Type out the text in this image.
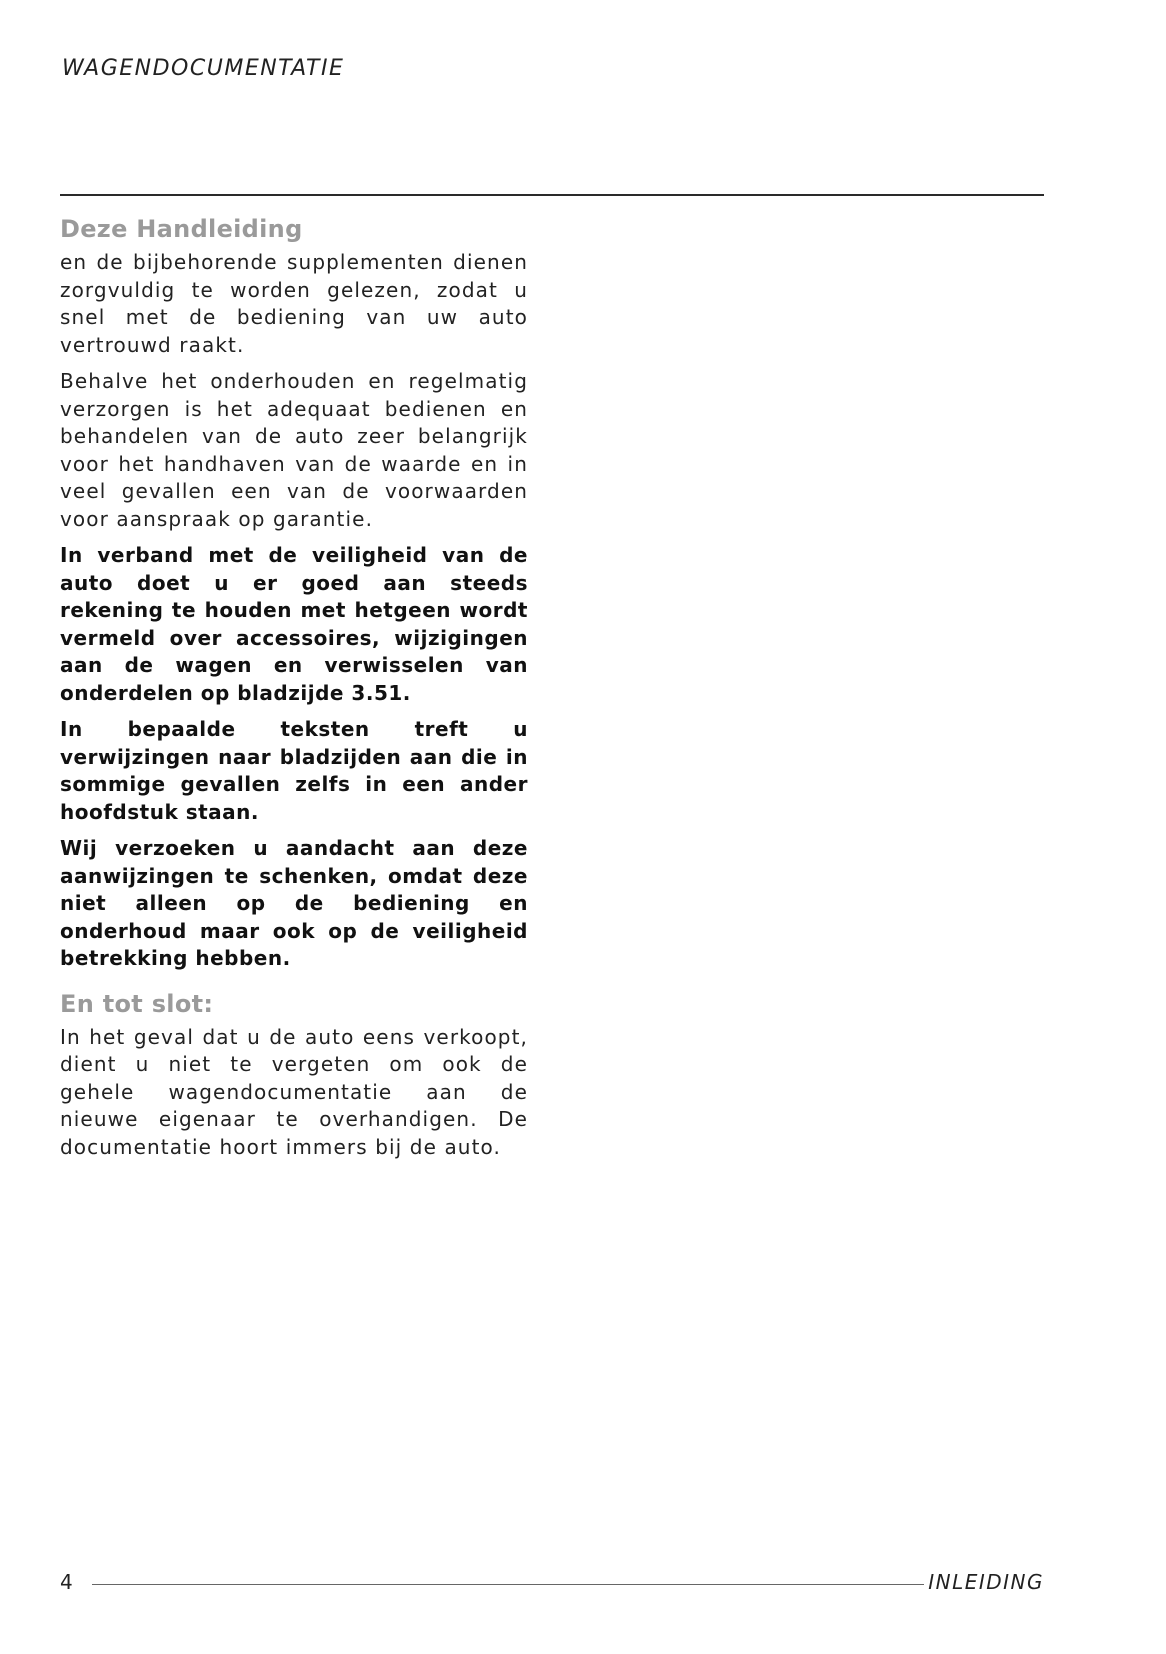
WAGENDOCUMENTATIE
Deze Handleiding

en de bijbehorende supplementen dienen zorgvuldig te worden gelezen, zodat u snel met de bediening van uw auto vertrouwd raakt.

Behalve het onderhouden en regelmatig verzorgen is het adequaat bedienen en behandelen van de auto zeer belangrijk voor het handhaven van de waarde en in veel gevallen een van de voorwaarden voor aanspraak op garantie.

In verband met de veiligheid van de auto doet u er goed aan steeds rekening te houden met hetgeen wordt vermeld over accessoires, wijzigingen aan de wagen en verwisselen van onderdelen op bladzijde 3.51.

In bepaalde teksten treft u verwijzingen naar bladzijden aan die in sommige gevallen zelfs in een ander hoofdstuk staan.

Wij verzoeken u aandacht aan deze aanwijzingen te schenken, omdat deze niet alleen op de bediening en onderhoud maar ook op de veiligheid betrekking hebben.

En tot slot:

In het geval dat u de auto eens verkoopt, dient u niet te vergeten om ook de gehele wagendocumentatie aan de nieuwe eigenaar te overhandigen. De documentatie hoort immers bij de auto.

4	INLEIDING
